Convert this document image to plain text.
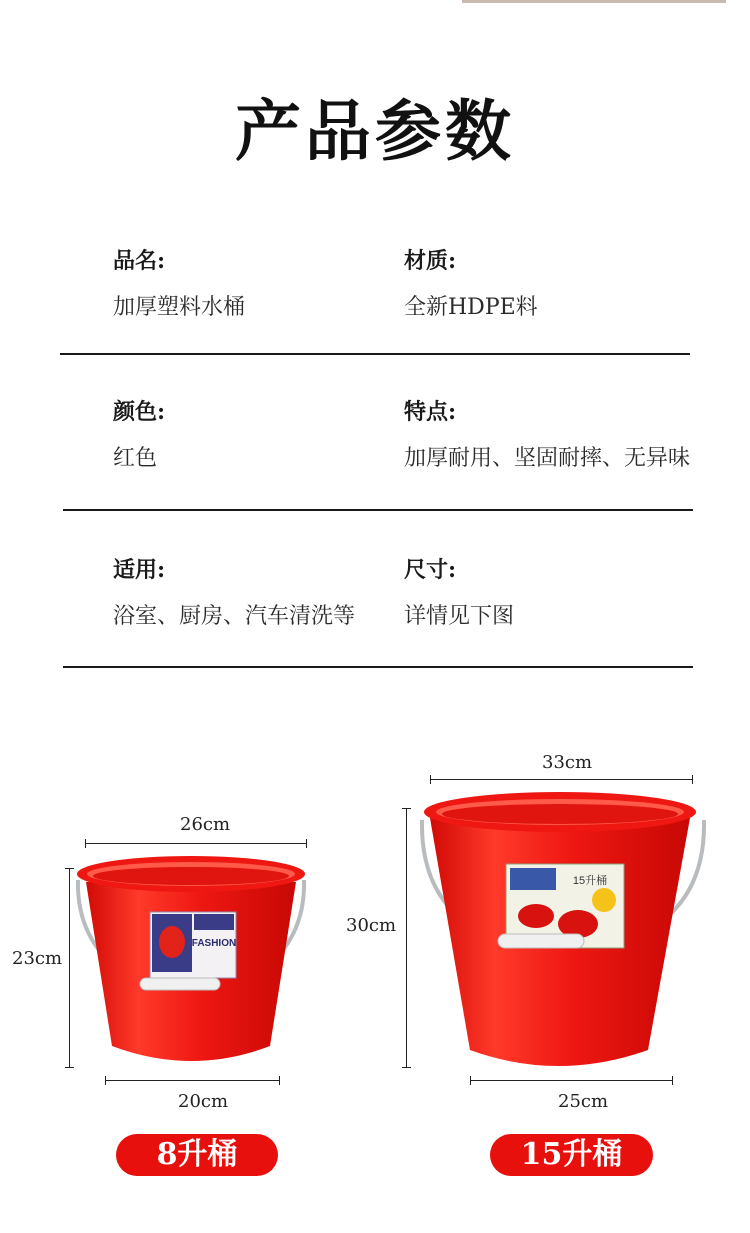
产品参数
品名:
加厚塑料水桶
材质:
全新HDPE料
颜色:
红色
特点:
加厚耐用、坚固耐摔、无异味
适用:
浴室、厨房、汽车清洗等
尺寸:
详情见下图
26cm
23cm
FASHION
20cm
8升桶
33cm
30cm
15升桶
25cm
15升桶
